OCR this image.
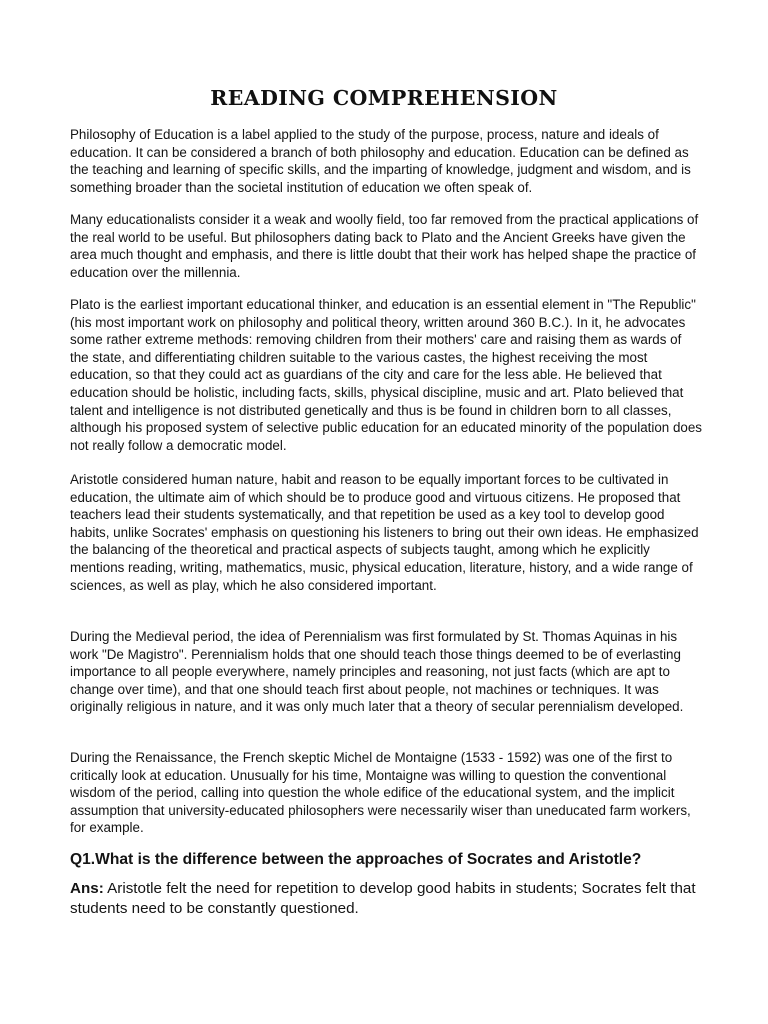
READING COMPREHENSION

Philosophy of Education is a label applied to the study of the purpose, process, nature and ideals of education. It can be considered a branch of both philosophy and education. Education can be defined as the teaching and learning of specific skills, and the imparting of knowledge, judgment and wisdom, and is something broader than the societal institution of education we often speak of.

Many educationalists consider it a weak and woolly field, too far removed from the practical applications of the real world to be useful. But philosophers dating back to Plato and the Ancient Greeks have given the area much thought and emphasis, and there is little doubt that their work has helped shape the practice of education over the millennia.

Plato is the earliest important educational thinker, and education is an essential element in "The Republic" (his most important work on philosophy and political theory, written around 360 B.C.). In it, he advocates some rather extreme methods: removing children from their mothers' care and raising them as wards of the state, and differentiating children suitable to the various castes, the highest receiving the most education, so that they could act as guardians of the city and care for the less able. He believed that education should be holistic, including facts, skills, physical discipline, music and art. Plato believed that talent and intelligence is not distributed genetically and thus is be found in children born to all classes, although his proposed system of selective public education for an educated minority of the population does not really follow a democratic model.

Aristotle considered human nature, habit and reason to be equally important forces to be cultivated in education, the ultimate aim of which should be to produce good and virtuous citizens. He proposed that teachers lead their students systematically, and that repetition be used as a key tool to develop good habits, unlike Socrates' emphasis on questioning his listeners to bring out their own ideas. He emphasized the balancing of the theoretical and practical aspects of subjects taught, among which he explicitly mentions reading, writing, mathematics, music, physical education, literature, history, and a wide range of sciences, as well as play, which he also considered important.

During the Medieval period, the idea of Perennialism was first formulated by St. Thomas Aquinas in his work "De Magistro". Perennialism holds that one should teach those things deemed to be of everlasting importance to all people everywhere, namely principles and reasoning, not just facts (which are apt to change over time), and that one should teach first about people, not machines or techniques. It was originally religious in nature, and it was only much later that a theory of secular perennialism developed.

During the Renaissance, the French skeptic Michel de Montaigne (1533 - 1592) was one of the first to critically look at education. Unusually for his time, Montaigne was willing to question the conventional wisdom of the period, calling into question the whole edifice of the educational system, and the implicit assumption that university-educated philosophers were necessarily wiser than uneducated farm workers, for example.

Q1.What is the difference between the approaches of Socrates and Aristotle?

Ans: Aristotle felt the need for repetition to develop good habits in students; Socrates felt that students need to be constantly questioned.
